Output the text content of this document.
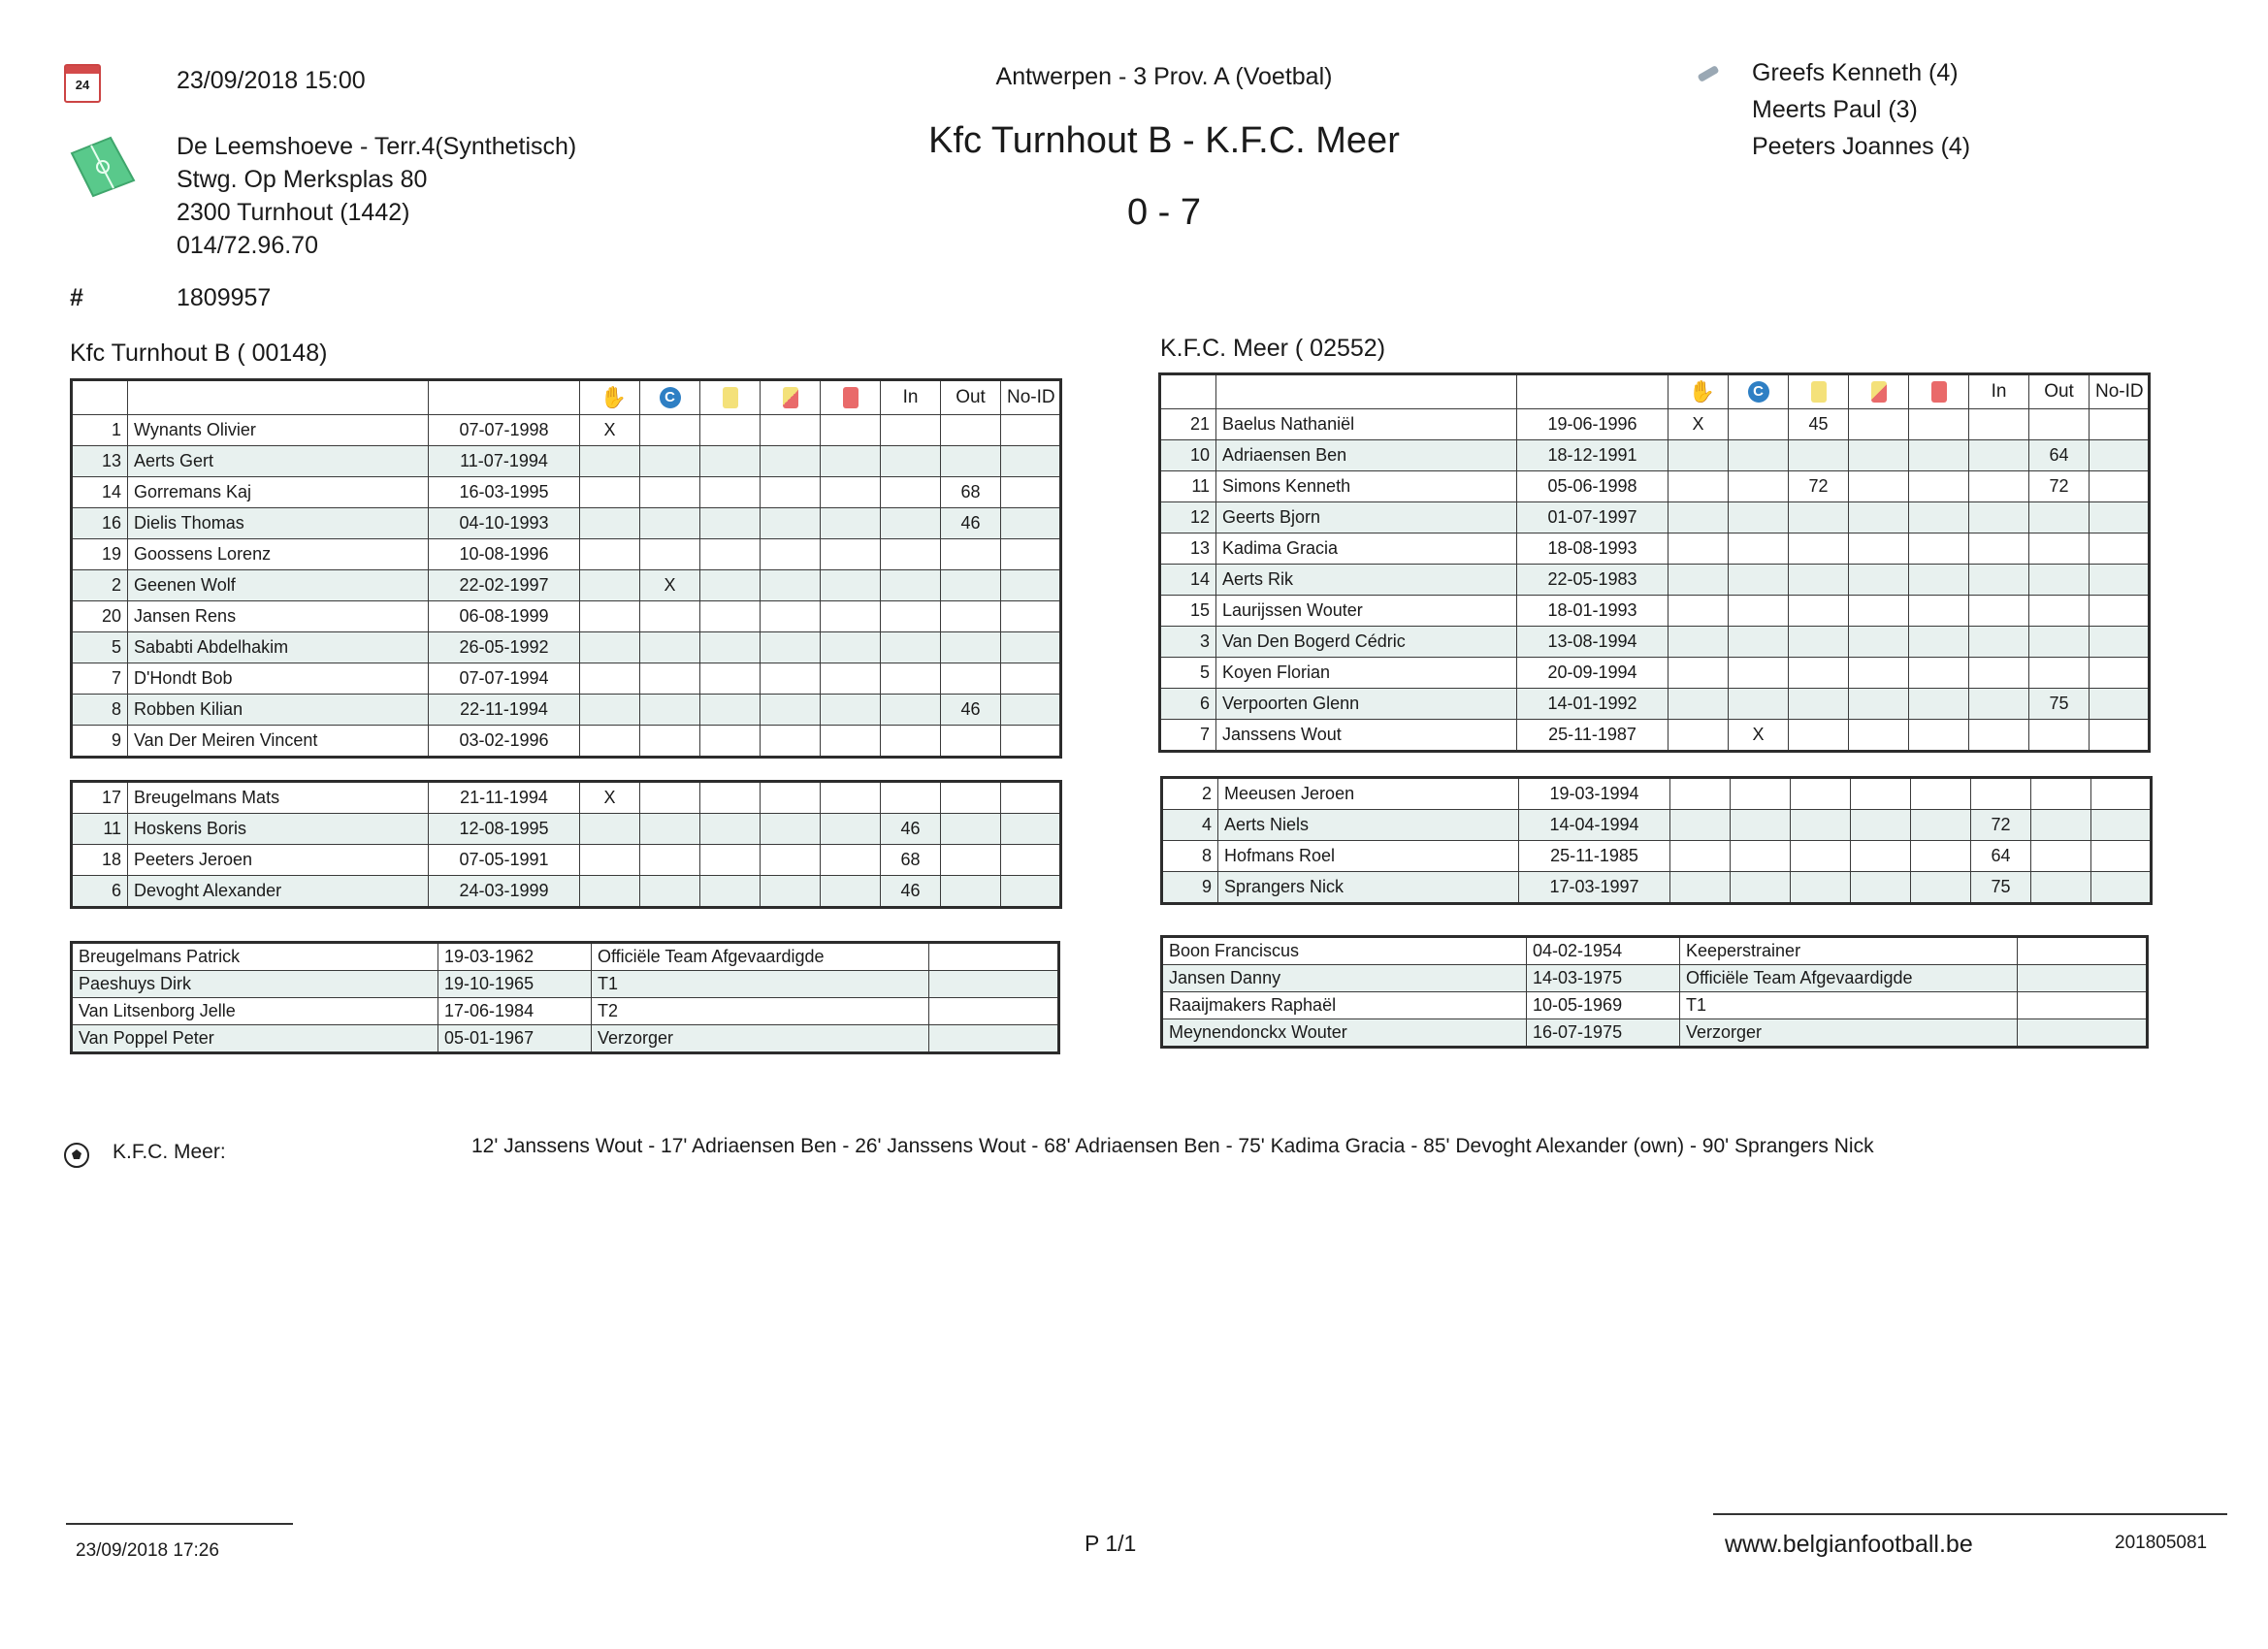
24	23/09/2018 15:00
De Leemshoeve - Terr.4(Synthetisch)
Stwg. Op Merksplas 80
2300 Turnhout (1442)
014/72.96.70
#	1809957
Antwerpen - 3 Prov. A (Voetbal)
Kfc Turnhout B - K.F.C. Meer
0 - 7
Greefs Kenneth (4)
Meerts Paul (3)
Peeters Joannes (4)
Kfc Turnhout B ( 00148)	K.F.C. Meer ( 02552)
			✋	C				In	Out	No-ID
1	Wynants Olivier	07-07-1998	X							
13	Aerts Gert	11-07-1994								
14	Gorremans Kaj	16-03-1995							68	
16	Dielis Thomas	04-10-1993							46	
19	Goossens Lorenz	10-08-1996								
2	Geenen Wolf	22-02-1997		X						
20	Jansen Rens	06-08-1999								
5	Sababti Abdelhakim	26-05-1992								
7	D'Hondt Bob	07-07-1994								
8	Robben Kilian	22-11-1994							46	
9	Van Der Meiren Vincent	03-02-1996								
			✋	C				In	Out	No-ID
21	Baelus Nathaniël	19-06-1996	X		45					
10	Adriaensen Ben	18-12-1991							64	
11	Simons Kenneth	05-06-1998			72				72	
12	Geerts Bjorn	01-07-1997								
13	Kadima Gracia	18-08-1993								
14	Aerts Rik	22-05-1983								
15	Laurijssen Wouter	18-01-1993								
3	Van Den Bogerd Cédric	13-08-1994								
5	Koyen Florian	20-09-1994								
6	Verpoorten Glenn	14-01-1992							75	
7	Janssens Wout	25-11-1987		X						
17	Breugelmans Mats	21-11-1994	X							
11	Hoskens Boris	12-08-1995						46		
18	Peeters Jeroen	07-05-1991						68		
6	Devoght Alexander	24-03-1999						46		
2	Meeusen Jeroen	19-03-1994								
4	Aerts Niels	14-04-1994						72		
8	Hofmans Roel	25-11-1985						64		
9	Sprangers Nick	17-03-1997						75		
Breugelmans Patrick	19-03-1962	Officiële Team Afgevaardigde	
Paeshuys Dirk	19-10-1965	T1	
Van Litsenborg Jelle	17-06-1984	T2	
Van Poppel Peter	05-01-1967	Verzorger	
Boon Franciscus	04-02-1954	Keeperstrainer	
Jansen Danny	14-03-1975	Officiële Team Afgevaardigde	
Raaijmakers Raphaël	10-05-1969	T1	
Meynendonckx Wouter	16-07-1975	Verzorger	
K.F.C. Meer:	12' Janssens Wout - 17' Adriaensen Ben - 26' Janssens Wout - 68' Adriaensen Ben - 75' Kadima Gracia - 85' Devoght Alexander (own) - 90' Sprangers Nick
23/09/2018 17:26	P 1/1	www.belgianfootball.be	201805081
